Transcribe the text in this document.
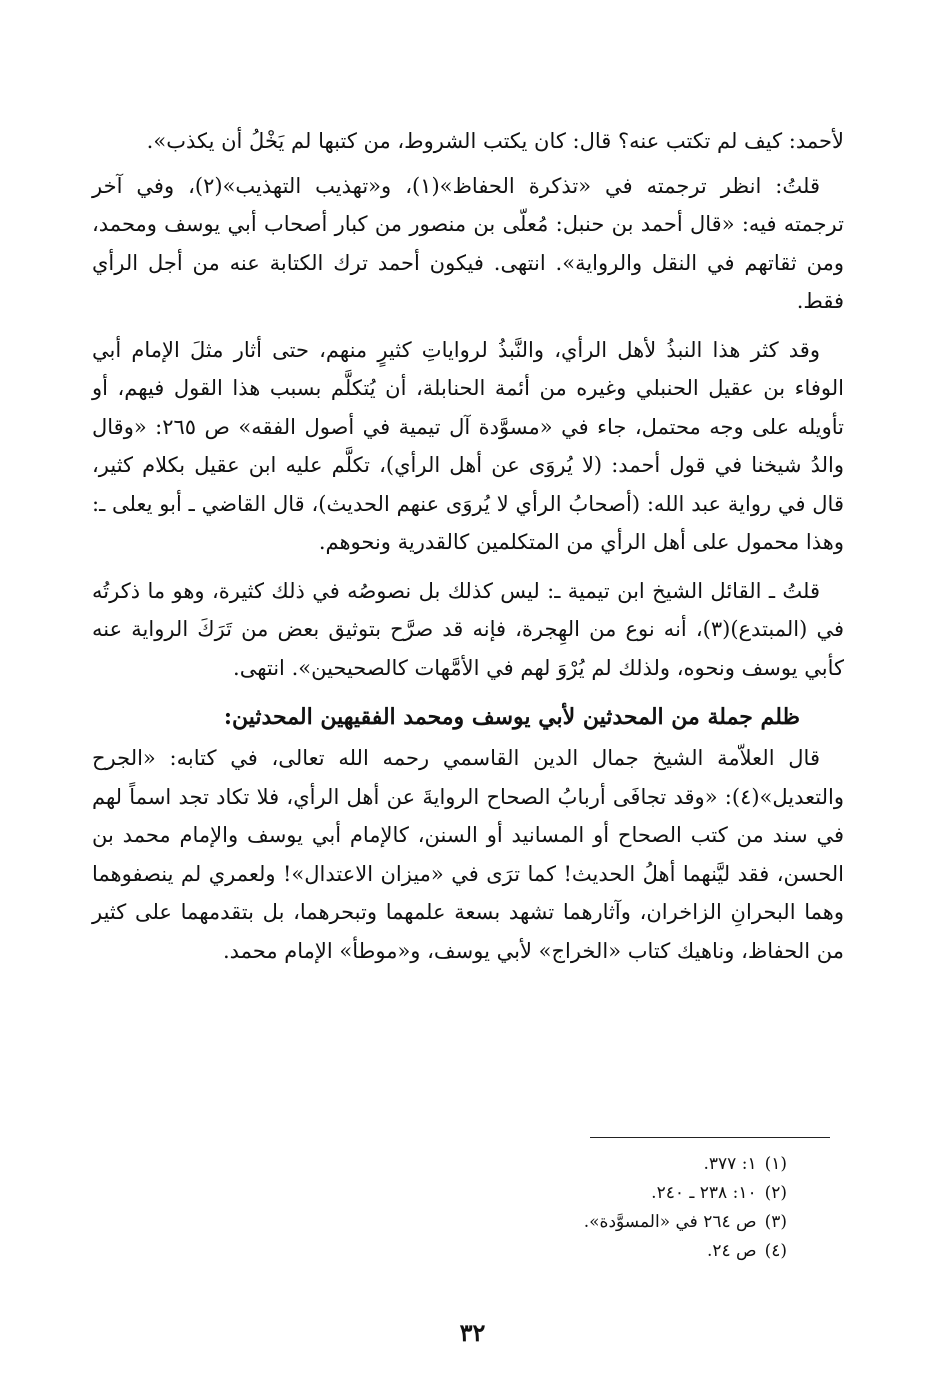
لأحمد: كيف لم تكتب عنه؟ قال: كان يكتب الشروط، من كتبها لم يَخْلُ أن يكذب».

قلتُ: انظر ترجمته في «تذكرة الحفاظ»(١)، و«تهذيب التهذيب»(٢)، وفي آخر ترجمته فيه: «قال أحمد بن حنبل: مُعلّى بن منصور من كبار أصحاب أبي يوسف ومحمد، ومن ثقاتهم في النقل والرواية». انتهى. فيكون أحمد ترك الكتابة عنه من أجل الرأي فقط.

وقد كثر هذا النبذُ لأهل الرأي، والنَّبذُ لرواياتِ كثيرٍ منهم، حتى أثار مثلَ الإمام أبي الوفاء بن عقيل الحنبلي وغيره من أئمة الحنابلة، أن يُتكلَّم بسبب هذا القول فيهم، أو تأويله على وجه محتمل، جاء في «مسوَّدة آل تيمية في أصول الفقه» ص ٢٦٥: «وقال والدُ شيخنا في قول أحمد: (لا يُروَى عن أهل الرأي)، تكلَّم عليه ابن عقيل بكلام كثير، قال في رواية عبد الله: (أصحابُ الرأي لا يُروَى عنهم الحديث)، قال القاضي ـ أبو يعلى ـ: وهذا محمول على أهل الرأي من المتكلمين كالقدرية ونحوهم.

قلتُ ـ القائل الشيخ ابن تيمية ـ: ليس كذلك بل نصوصُه في ذلك كثيرة، وهو ما ذكرتُه في (المبتدع)(٣)، أنه نوع من الهِجرة، فإنه قد صرَّح بتوثيق بعض من تَرَكَ الرواية عنه كأبي يوسف ونحوه، ولذلك لم يُرْوَ لهم في الأمَّهات كالصحيحين». انتهى.

ظلم جملة من المحدثين لأبي يوسف ومحمد الفقيهين المحدثين:

قال العلاّمة الشيخ جمال الدين القاسمي رحمه الله تعالى، في كتابه: «الجرح والتعديل»(٤): «وقد تجافَى أربابُ الصحاح الروايةَ عن أهل الرأي، فلا تكاد تجد اسماً لهم في سند من كتب الصحاح أو المسانيد أو السنن، كالإمام أبي يوسف والإمام محمد بن الحسن، فقد ليَّنهما أهلُ الحديث! كما ترَى في «ميزان الاعتدال»! ولعمري لم ينصفوهما وهما البحرانِ الزاخران، وآثارهما تشهد بسعة علمهما وتبحرهما، بل بتقدمهما على كثير من الحفاظ، وناهيك كتاب «الخراج» لأبي يوسف، و«موطأ» الإمام محمد.

(١)١: ٣٧٧.
(٢)١٠: ٢٣٨ ـ ٢٤٠.
(٣)ص ٢٦٤ في «المسوَّدة».
(٤)ص ٢٤.
٣٢
